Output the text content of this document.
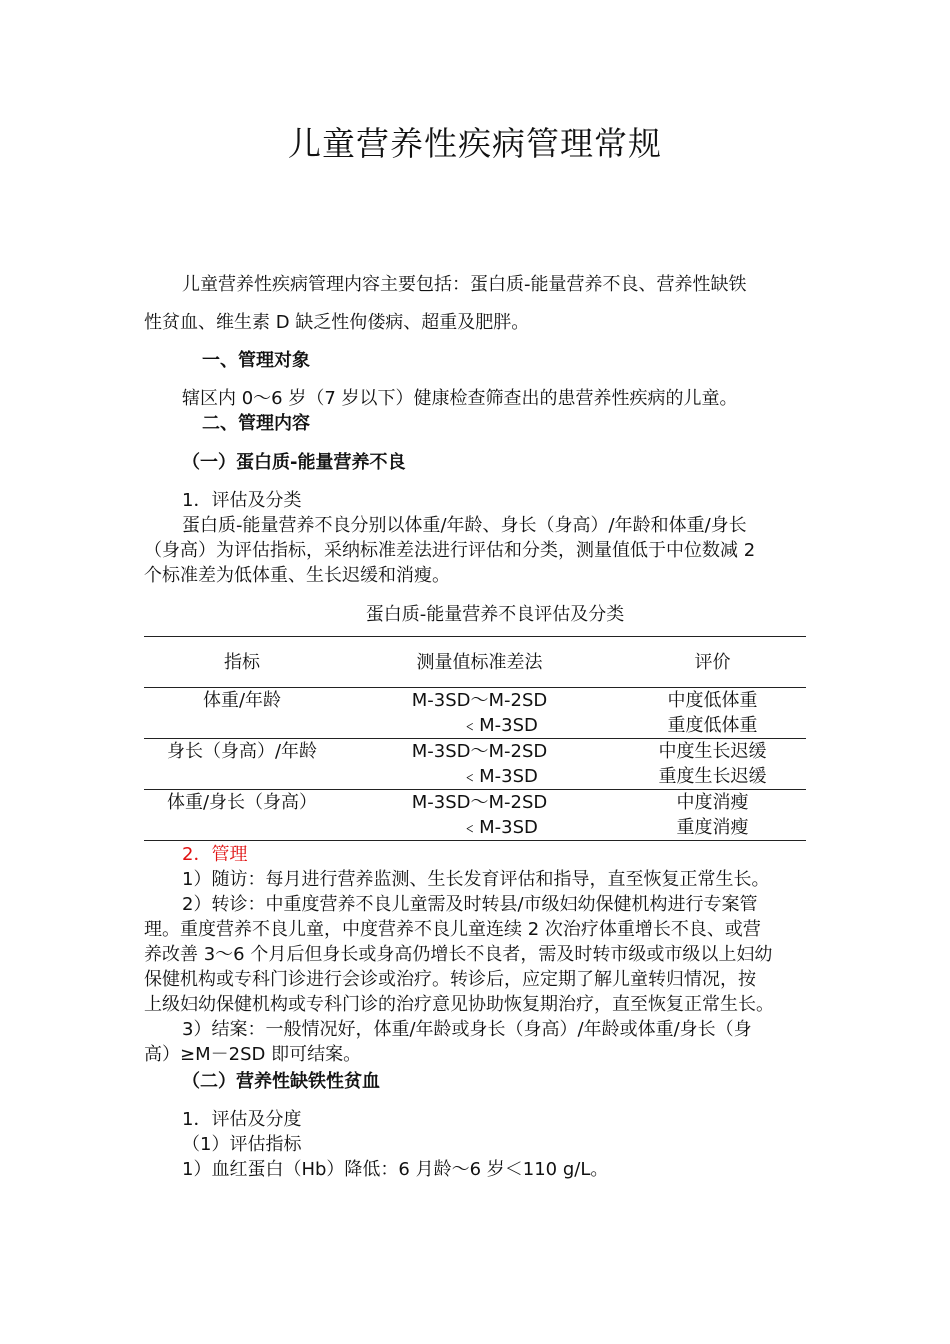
儿童营养性疾病管理常规

儿童营养性疾病管理内容主要包括：蛋白质-能量营养不良、营养性缺铁

性贫血、维生素 D 缺乏性佝偻病、超重及肥胖。

一、管理对象

辖区内 0～6 岁（7 岁以下）健康检查筛查出的患营养性疾病的儿童。

二、管理内容

（一）蛋白质-能量营养不良

1．评估及分类

蛋白质-能量营养不良分别以体重/年龄、身长（身高）/年龄和体重/身长

（身高）为评估指标，采纳标准差法进行评估和分类，测量值低于中位数减 2

个标准差为低体重、生长迟缓和消瘦。

蛋白质-能量营养不良评估及分类

指标	测量值标准差法	评价
体重/年龄	M-3SD～M-2SD	中度低体重
	﹤M-3SD	重度低体重
身长（身高）/年龄	M-3SD～M-2SD	中度生长迟缓
	﹤M-3SD	重度生长迟缓
体重/身长（身高）	M-3SD～M-2SD	中度消瘦
	﹤M-3SD	重度消瘦

2．管理

1）随访：每月进行营养监测、生长发育评估和指导，直至恢复正常生长。

2）转诊：中重度营养不良儿童需及时转县/市级妇幼保健机构进行专案管

理。重度营养不良儿童，中度营养不良儿童连续 2 次治疗体重增长不良、或营

养改善 3～6 个月后但身长或身高仍增长不良者，需及时转市级或市级以上妇幼

保健机构或专科门诊进行会诊或治疗。转诊后，应定期了解儿童转归情况，按

上级妇幼保健机构或专科门诊的治疗意见协助恢复期治疗，直至恢复正常生长。

3）结案：一般情况好，体重/年龄或身长（身高）/年龄或体重/身长（身

高）≥M－2SD 即可结案。

（二）营养性缺铁性贫血

1．评估及分度

（1）评估指标

1）血红蛋白（Hb）降低：6 月龄～6 岁＜110 g/L。
